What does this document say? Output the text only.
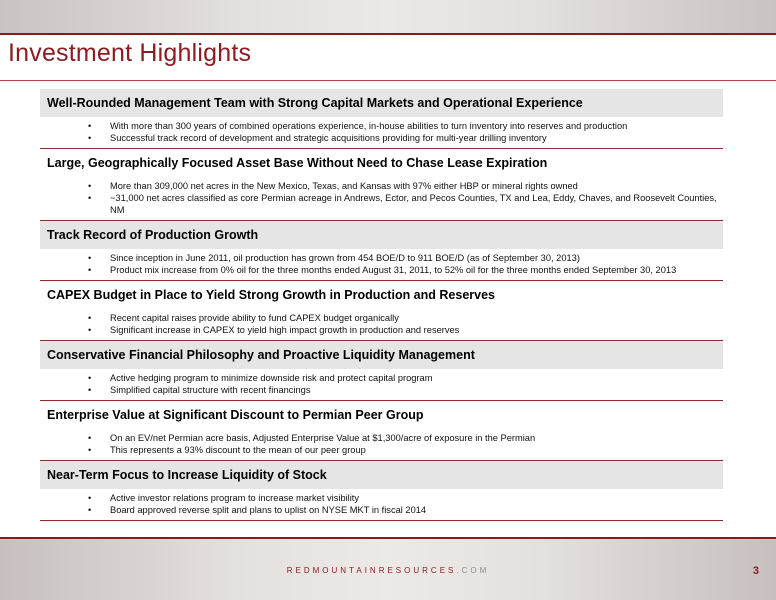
Investment Highlights
Well-Rounded Management Team with Strong Capital Markets and Operational Experience
• With more than 300 years of combined operations experience, in-house abilities to turn inventory into reserves and production
• Successful track record of development and strategic acquisitions providing for multi-year drilling inventory
Large, Geographically Focused Asset Base Without Need to Chase Lease Expiration
• More than 309,000 net acres in the New Mexico, Texas, and Kansas with 97% either HBP or mineral rights owned
• ~31,000 net acres classified as core Permian acreage in Andrews, Ector, and Pecos Counties, TX and Lea, Eddy, Chaves, and Roosevelt Counties, NM
Track Record of Production Growth
• Since inception in June 2011, oil production has grown from 454 BOE/D to 911 BOE/D (as of September 30, 2013)
• Product mix increase from 0% oil for the three months ended August 31, 2011, to 52% oil for the three months ended September 30, 2013
CAPEX Budget in Place to Yield Strong Growth in Production and Reserves
• Recent capital raises provide ability to fund CAPEX budget organically
• Significant increase in CAPEX to yield high impact growth in production and reserves
Conservative Financial Philosophy and Proactive Liquidity Management
• Active hedging program to minimize downside risk and protect capital program
• Simplified capital structure with recent financings
Enterprise Value at Significant Discount to Permian Peer Group
• On an EV/net Permian acre basis, Adjusted Enterprise Value at $1,300/acre of exposure in the Permian
• This represents a 93% discount to the mean of our peer group
Near-Term Focus to Increase Liquidity of Stock
• Active investor relations program to increase market visibility
• Board approved reverse split and plans to uplist on NYSE MKT in fiscal 2014
REDMOUNTAINRESOURCES.COM	3
